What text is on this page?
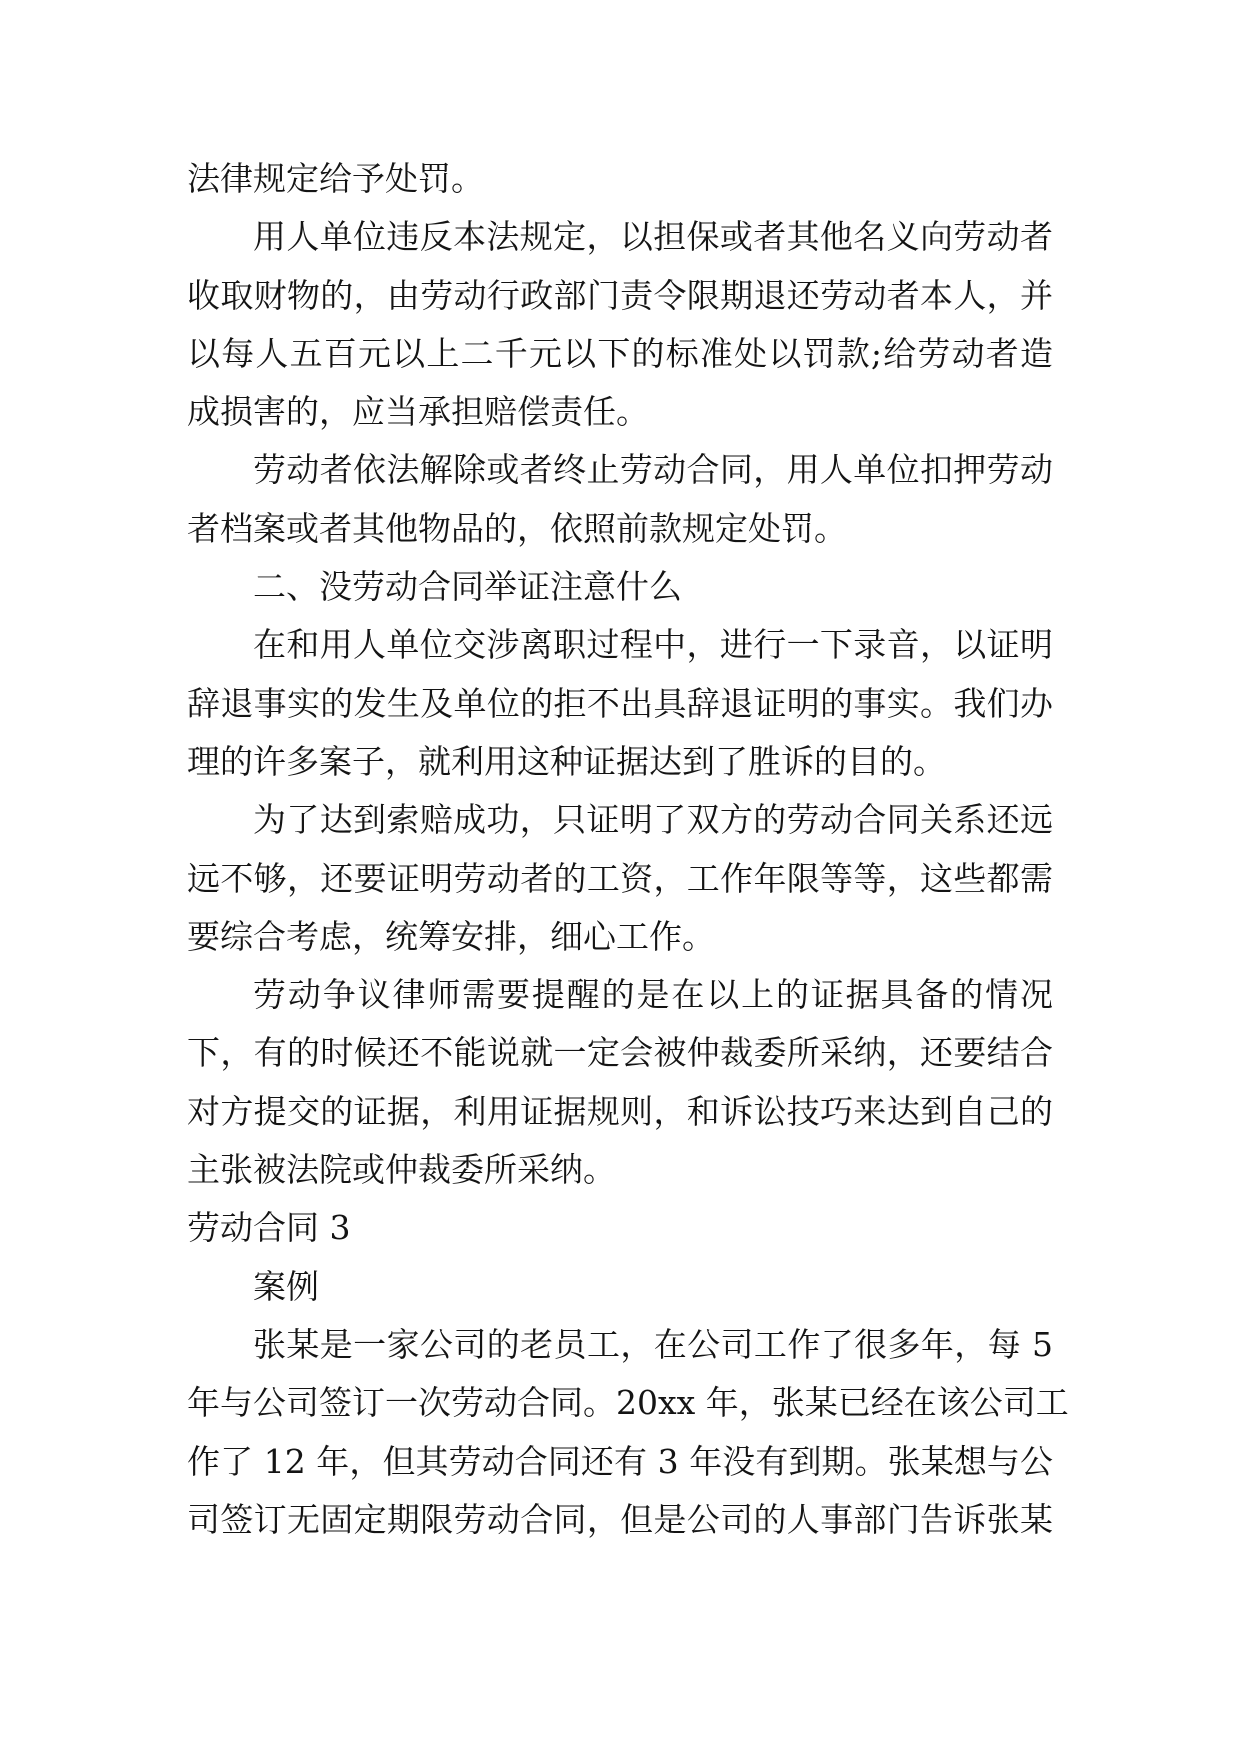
法律规定给予处罚。

用人单位违反本法规定，以担保或者其他名义向劳动者
收取财物的，由劳动行政部门责令限期退还劳动者本人，并
以每人五百元以上二千元以下的标准处以罚款;给劳动者造
成损害的，应当承担赔偿责任。

劳动者依法解除或者终止劳动合同，用人单位扣押劳动
者档案或者其他物品的，依照前款规定处罚。

二、没劳动合同举证注意什么

在和用人单位交涉离职过程中，进行一下录音，以证明
辞退事实的发生及单位的拒不出具辞退证明的事实。我们办
理的许多案子，就利用这种证据达到了胜诉的目的。

为了达到索赔成功，只证明了双方的劳动合同关系还远
远不够，还要证明劳动者的工资，工作年限等等，这些都需
要综合考虑，统筹安排，细心工作。

劳动争议律师需要提醒的是在以上的证据具备的情况
下，有的时候还不能说就一定会被仲裁委所采纳，还要结合
对方提交的证据，利用证据规则，和诉讼技巧来达到自己的
主张被法院或仲裁委所采纳。

劳动合同 3

案例

张某是一家公司的老员工，在公司工作了很多年，每 5
年与公司签订一次劳动合同。20xx 年，张某已经在该公司工
作了 12 年，但其劳动合同还有 3 年没有到期。张某想与公
司签订无固定期限劳动合同，但是公司的人事部门告诉张某
